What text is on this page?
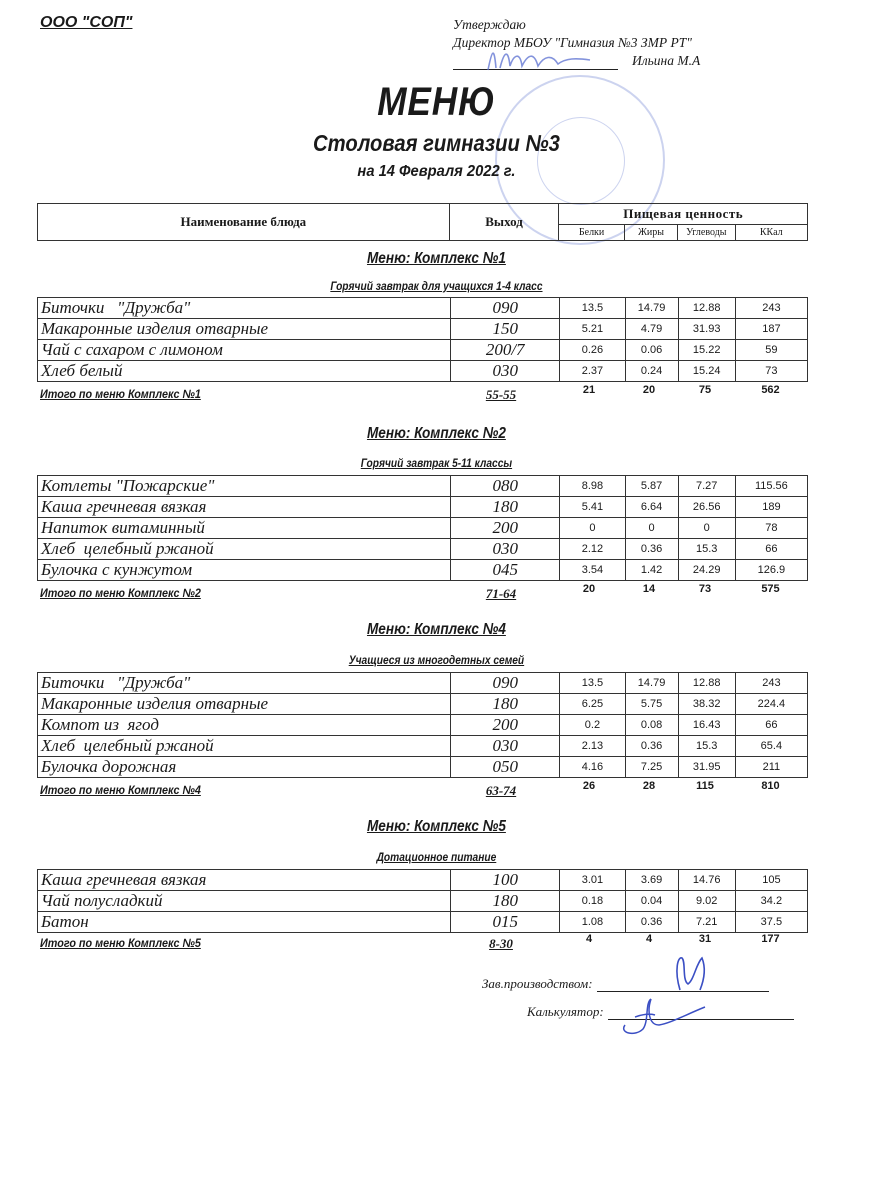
ООО "СОП"	Утверждаю
Директор МБОУ "Гимназия №3 ЗМР РТ"
Ильина М.А
МЕНЮ
Столовая гимназии №3
на 14 Февраля 2022 г.
Наименование блюда	Выход	Пищевая ценность			
		Белки	Жиры	Углеводы	ККал
Меню: Комплекс №1
Горячий завтрак для учащихся 1-4 класс
Биточки   "Дружба"	090	13.5	14.79	12.88	243
Макаронные изделия отварные	150	5.21	4.79	31.93	187
Чай с сахаром с лимоном	200/7	0.26	0.06	15.22	59
Хлеб белый	030	2.37	0.24	15.24	73
Итого по меню Комплекс №1	55-55	21	20	75	562
Меню: Комплекс №2
Горячий завтрак 5-11 классы
Котлеты "Пожарские"	080	8.98	5.87	7.27	115.56
Каша гречневая вязкая	180	5.41	6.64	26.56	189
Напиток витаминный	200	0	0	0	78
Хлеб  целебный ржаной	030	2.12	0.36	15.3	66
Булочка с кунжутом	045	3.54	1.42	24.29	126.9
Итого по меню Комплекс №2	71-64	20	14	73	575
Меню: Комплекс №4
Учащиеся из многодетных семей
Биточки   "Дружба"	090	13.5	14.79	12.88	243
Макаронные изделия отварные	180	6.25	5.75	38.32	224.4
Компот из  ягод	200	0.2	0.08	16.43	66
Хлеб  целебный ржаной	030	2.13	0.36	15.3	65.4
Булочка дорожная	050	4.16	7.25	31.95	211
Итого по меню Комплекс №4	63-74	26	28	115	810
Меню: Комплекс №5
Дотационное питание
Каша гречневая вязкая	100	3.01	3.69	14.76	105
Чай полусладкий	180	0.18	0.04	9.02	34.2
Батон	015	1.08	0.36	7.21	37.5
Итого по меню Комплекс №5	8-30	4	4	31	177
Зав.производством:
Калькулятор:
